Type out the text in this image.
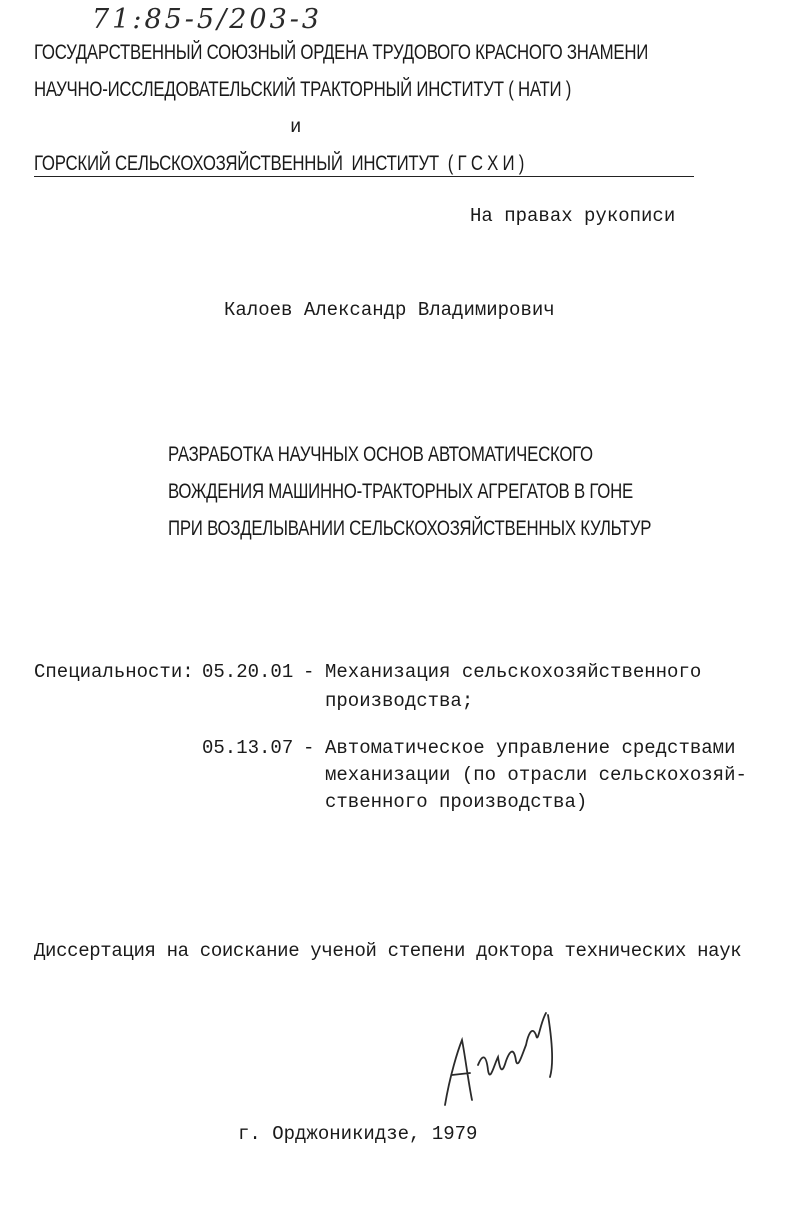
71:85-5/203-3
ГОСУДАРСТВЕННЫЙ СОЮЗНЫЙ ОРДЕНА ТРУДОВОГО КРАСНОГО ЗНАМЕНИ
НАУЧНО-ИССЛЕДОВАТЕЛЬСКИЙ ТРАКТОРНЫЙ ИНСТИТУТ ( НАТИ )
и
ГОРСКИЙ СЕЛЬСКОХОЗЯЙСТВЕННЫЙ  ИНСТИТУТ  ( Г С Х И )
На правах рукописи
Калоев Александр Владимирович
РАЗРАБОТКА НАУЧНЫХ ОСНОВ АВТОМАТИЧЕСКОГО
ВОЖДЕНИЯ МАШИННО-ТРАКТОРНЫХ АГРЕГАТОВ В ГОНЕ
ПРИ ВОЗДЕЛЫВАНИИ СЕЛЬСКОХОЗЯЙСТВЕННЫХ КУЛЬТУР
Специальности: 05.20.01 - Механизация сельскохозяйственного
производства;
05.13.07 - Автоматическое управление средствами
механизации (по отрасли сельскохозяй-
ственного производства)
Диссертация на соискание ученой степени доктора технических наук
г. Орджоникидзе, 1979
